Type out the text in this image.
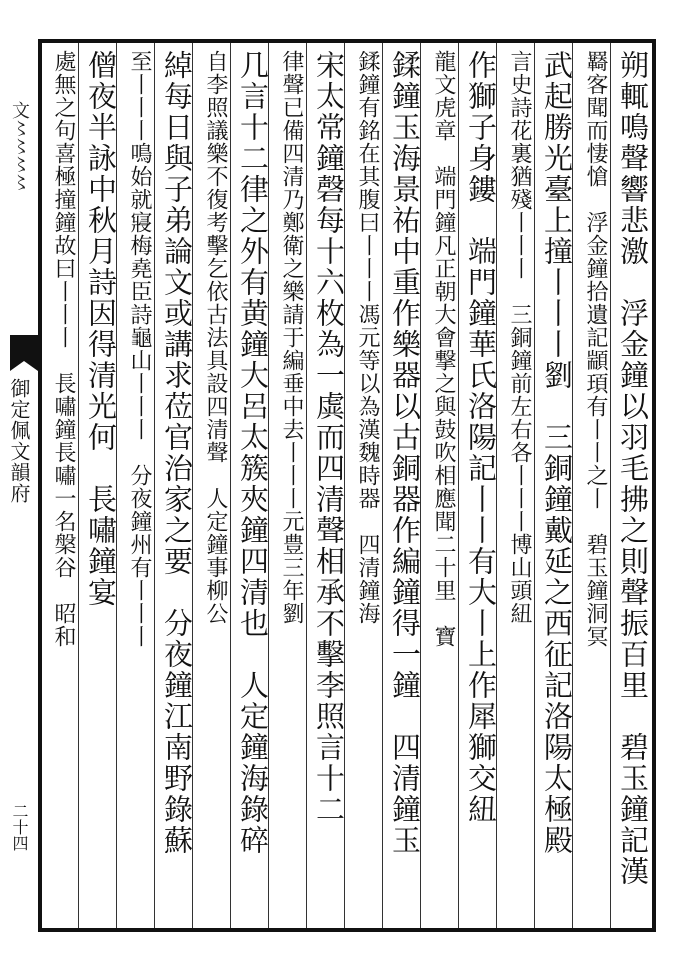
文〻〻〻〻
御定佩文韻府
二十四	朔輒鳴聲響悲激　浮金鐘以羽毛拂之則聲振百里　碧玉鐘記漢
羇客聞而悽愴　浮金鐘拾遺記顓頊有丨丨之丨　碧玉鐘洞冥
武起勝光臺上撞丨丨丨劉　三銅鐘戴延之西征記洛陽太極殿
言史詩花裏猶殘丨丨丨　三銅鐘前左右各丨丨丨博山頭紐
作獅子身鏤　端門鐘華氏洛陽記丨丨有大丨上作犀獅交紐
龍文虎章　端門鐘凡正朝大會撃之與鼓吹相應聞二十里　寶
鍒鐘玉海景祐中重作樂器以古銅器作編鐘得一鐘　四清鐘玉
鍒鐘有銘在其腹曰丨丨丨馮元等以為漢魏時器　四清鐘海
宋太常鐘磬每十六枚為一虡而四清聲相承不擊李照言十二
律聲已備四清乃鄭衛之樂請于編垂中去丨丨丨元豊三年劉
几言十二律之外有黄鐘大呂太簇夾鐘四清也　人定鐘海錄碎
自李照議樂不復考擊乞依古法具設四清聲　人定鐘事柳公
綽每日與子弟論文或講求莅官治家之要　分夜鐘江南野錄蘇
至丨丨丨鳴始就寢梅堯臣詩龜山丨丨丨　分夜鐘州有丨丨丨
僧夜半詠中秋月詩因得清光何　長嘯鐘宴
處無之句喜極撞鐘故曰丨丨丨　長嘯鐘長嘯一名槃谷　昭和
